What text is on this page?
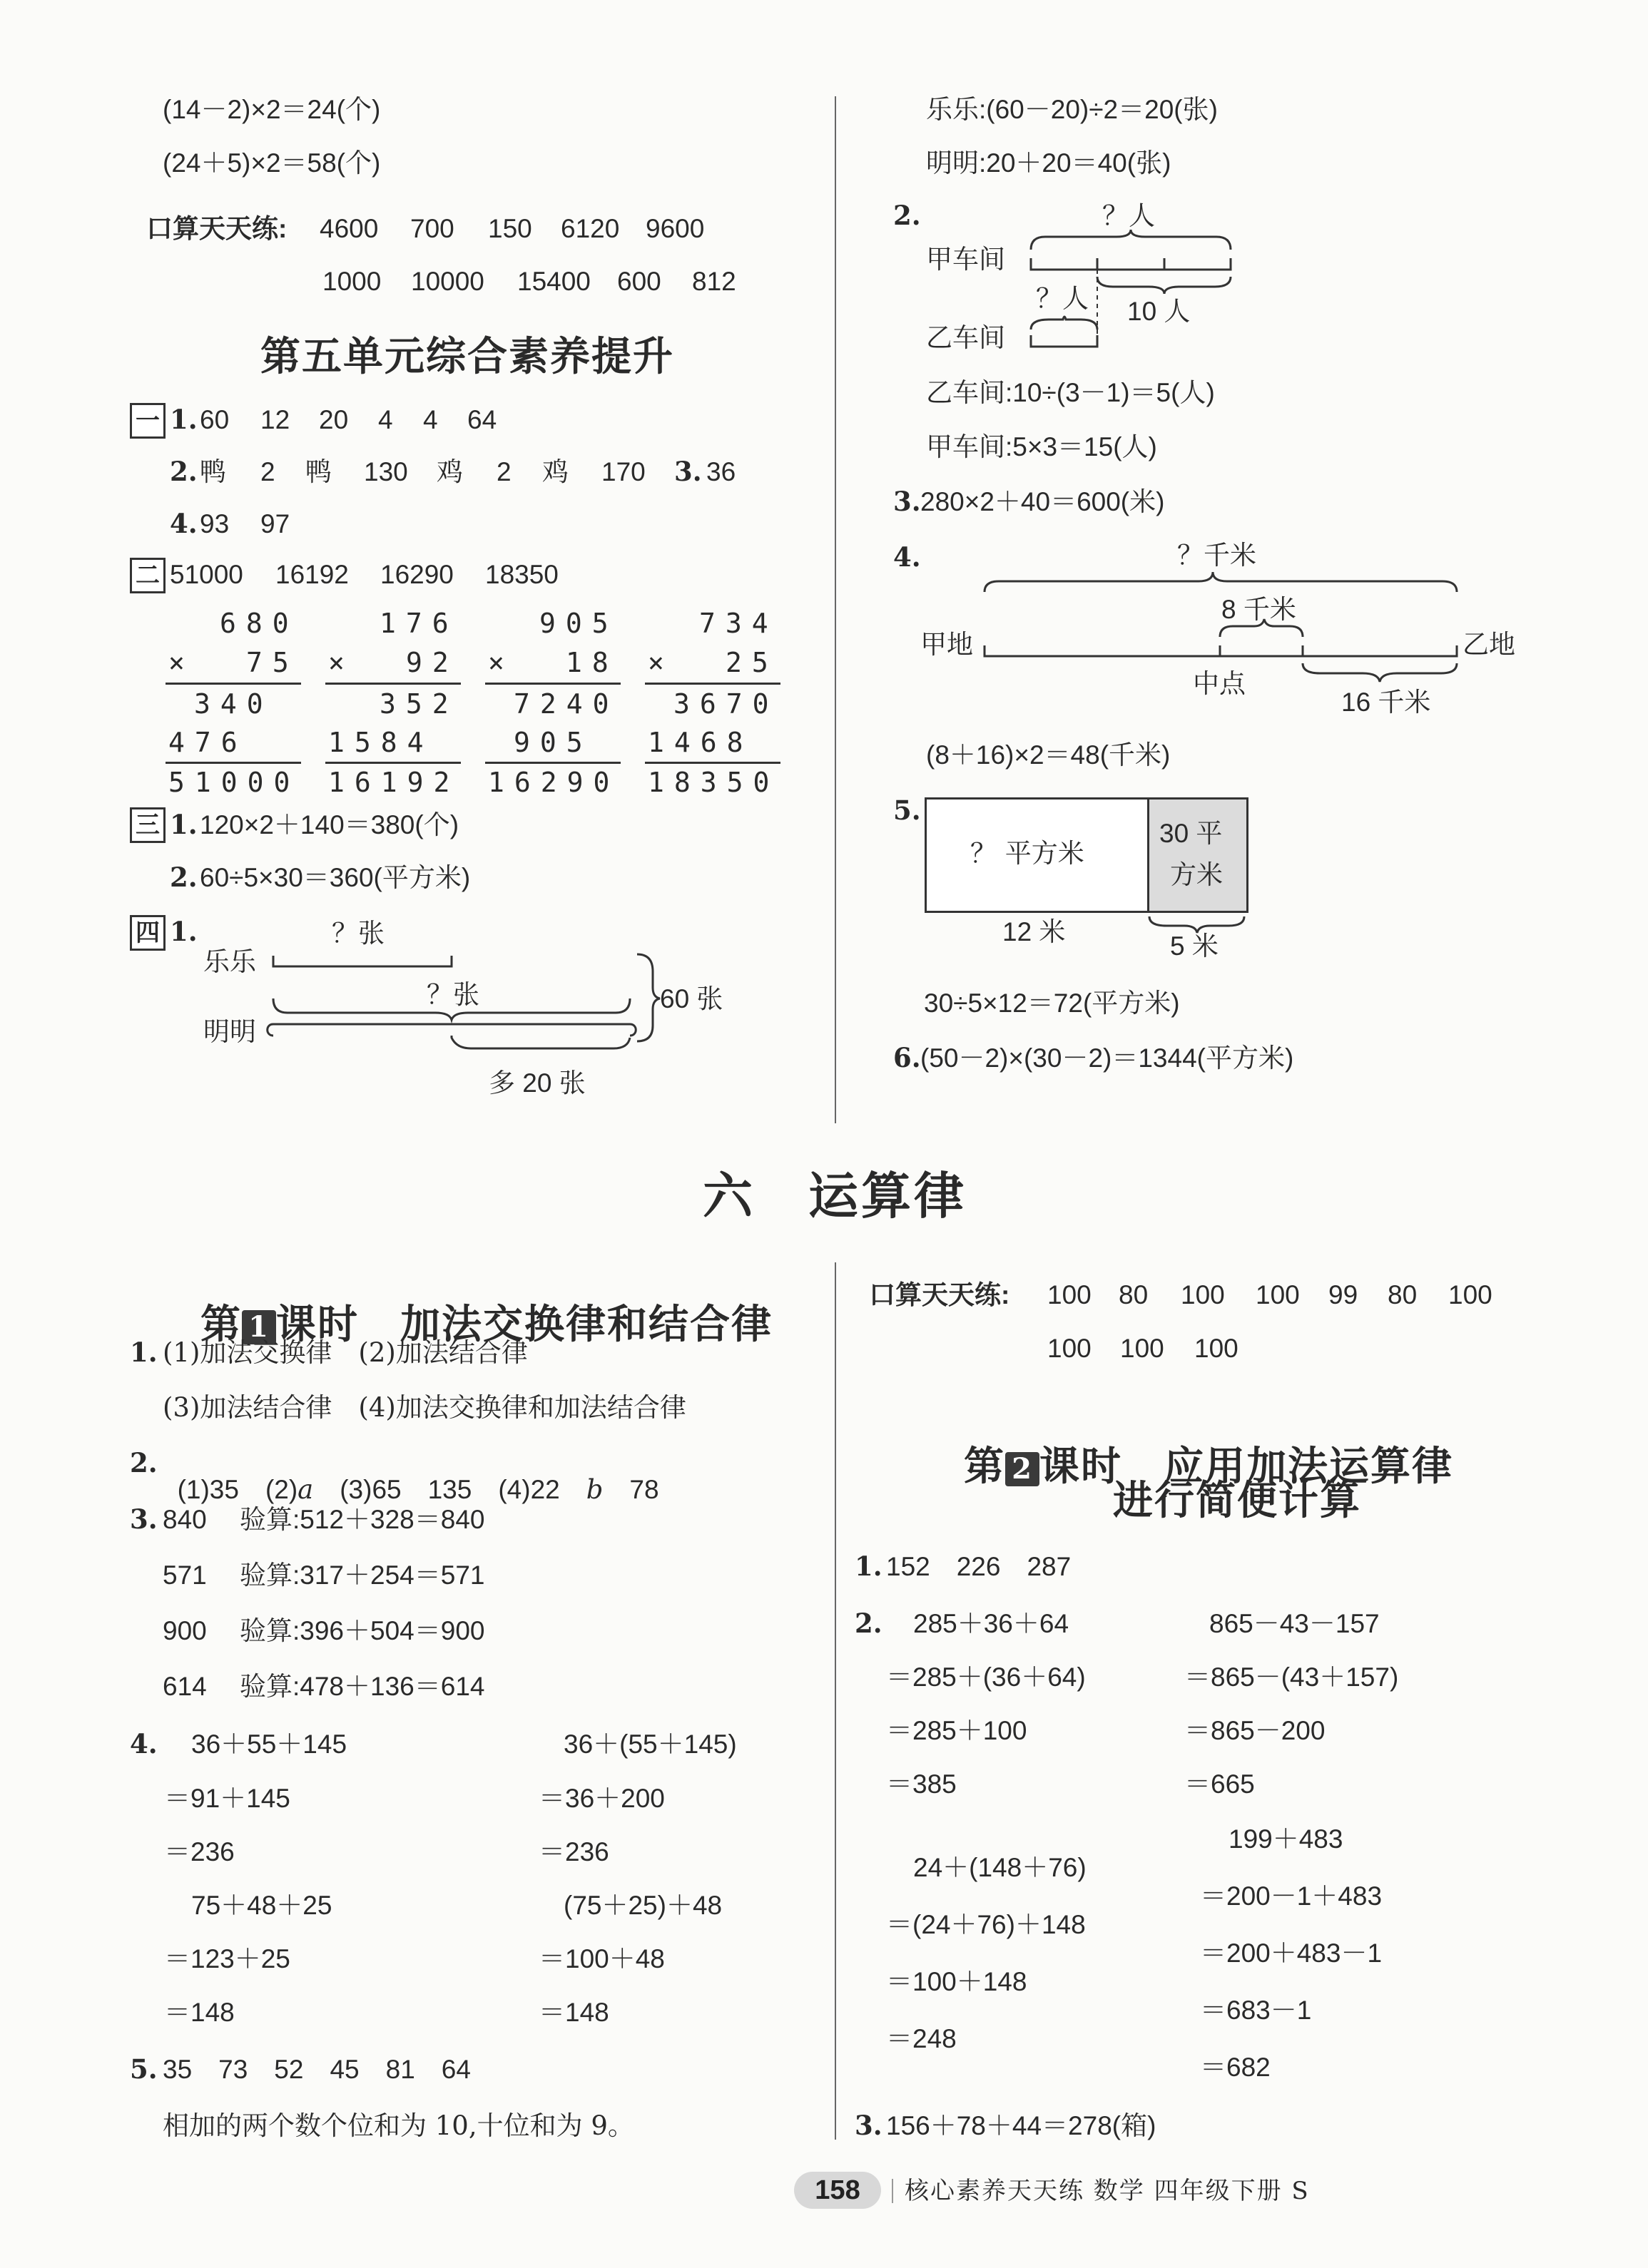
(14－2)×2＝24(个)
(24＋5)×2＝58(个)
口算天天练: 4600 700 150 6120 9600
1000 10000 15400 600 812
第五单元综合素养提升
一 1. 60 12 20 4 4 64
2. 鸭 2 鸭 130 鸡 2 鸡 170 3. 36
4. 93 97
二 51000 16192 16290 18350
680
× 75
340
476
51000
176
× 92
352
1584
16192
905
× 18
7240
905
16290
734
× 25
3670
1468
18350
三 1. 120×2＋140＝380(个)
2. 60÷5×30＝360(平方米)
四 1.
乐乐
明明
？张
？张	60 张
多 20 张
乐乐:(60－20)÷2＝20(张)
明明:20＋20＝40(张)
2.
甲车间
乙车间
？人
？人 10 人
乙车间:10÷(3－1)＝5(人)
甲车间:5×3＝15(人)
3. 280×2＋40＝600(米)
4.	？千米
8 千米
甲地	乙地
中点
16 千米
(8＋16)×2＝48(千米)
5.
？ 平方米
30 平
方米
12 米	5 米
30÷5×12＝72(平方米)
6. (50－2)×(30－2)＝1344(平方米)
六　运算律

第 1 课时　加法交换律和结合律

1. (1)加法交换律　(2)加法结合律
(3)加法结合律　(4)加法交换律和加法结合律
2.

(1)35　(2)a　(3)65　135　(4)22　b　78

3. 840 验算:512＋328＝840
571 验算:317＋254＝571
900 验算:396＋504＝900
614 验算:478＋136＝614
4. 36＋55＋145
＝91＋145
＝236
75＋48＋25
＝123＋25
＝148
36＋(55＋145)
＝36＋200
＝236
(75＋25)＋48
＝100＋48
＝148
5. 35　73　52　45　81　64
相加的两个数个位和为 10,十位和为 9。
口算天天练: 100 80 100 100 99 80 100
100 100 100

第 2 课时　应用加法运算律

进行简便计算
1. 152　226　287
2. 285＋36＋64
＝285＋(36＋64)
＝285＋100
＝385
865－43－157
＝865－(43＋157)
＝865－200
＝665
24＋(148＋76)
＝(24＋76)＋148
＝100＋148
＝248
199＋483
＝200－1＋483
＝200＋483－1
＝683－1
＝682
3. 156＋78＋44＝278(箱)
158	核心素养天天练 数学 四年级下册 S
